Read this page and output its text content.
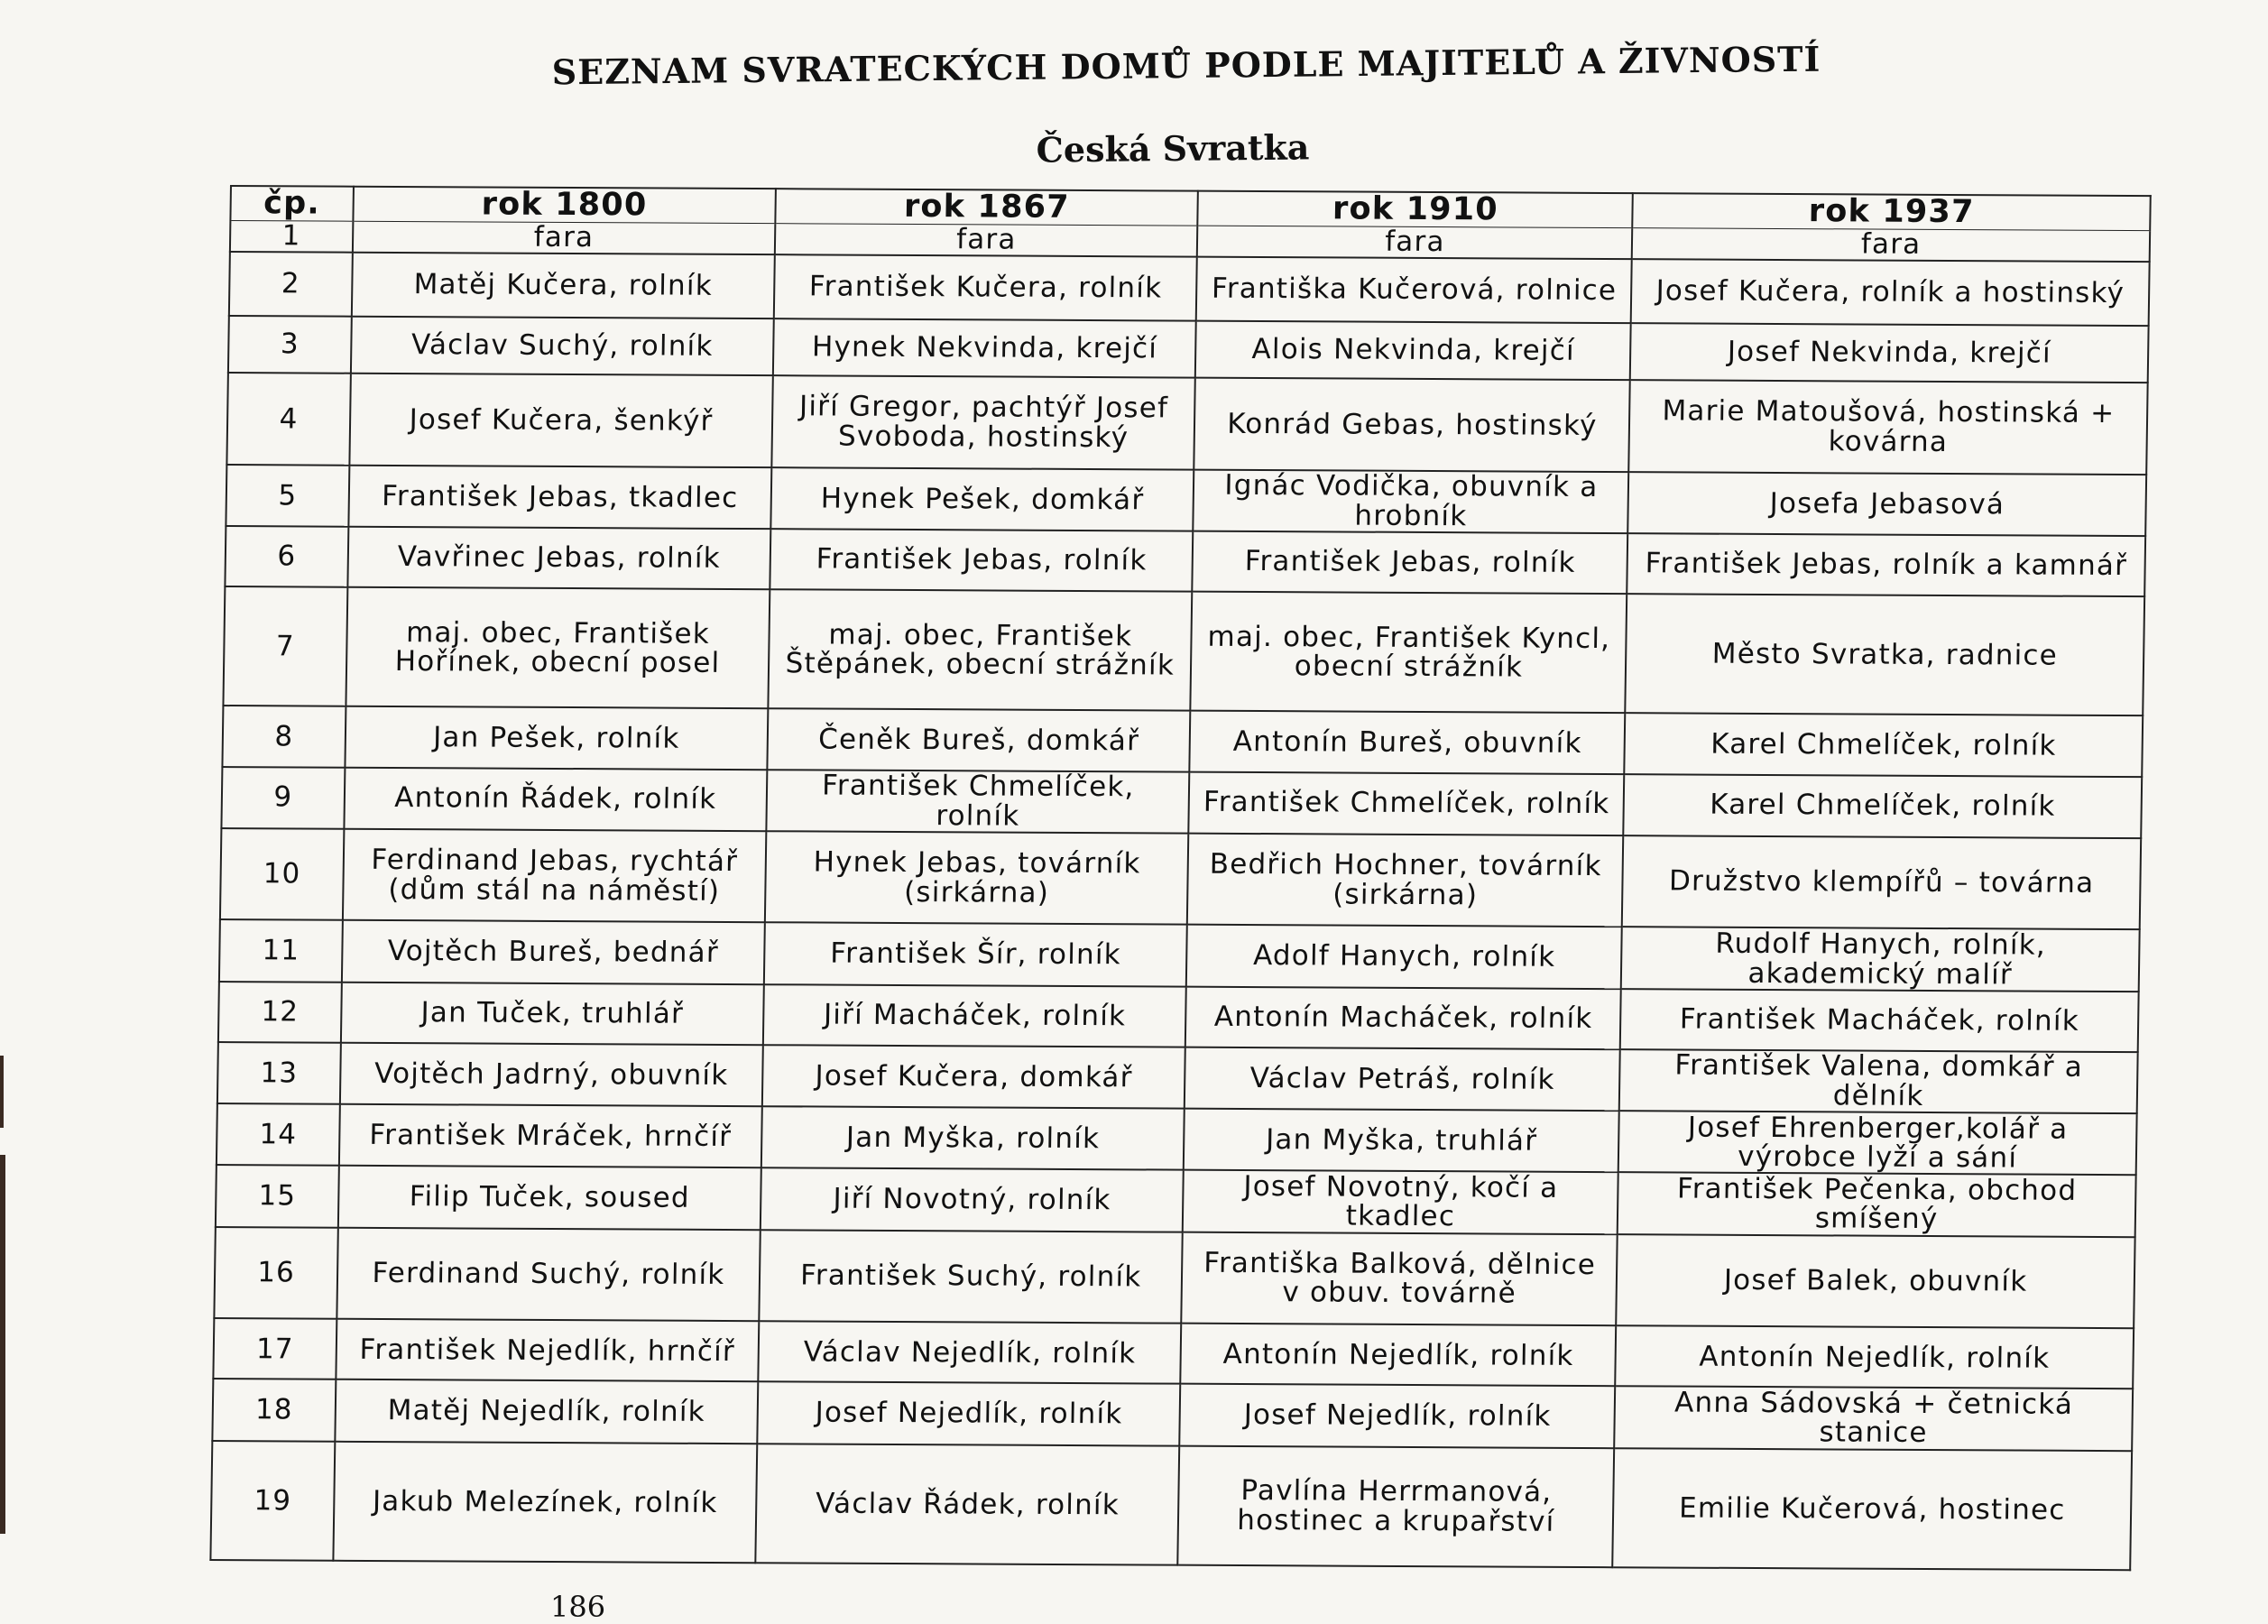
SEZNAM SVRATECKÝCH DOMŮ PODLE MAJITELŮ A ŽIVNOSTÍ
Česká Svratka
čp.	rok 1800	rok 1867	rok 1910	rok 1937
1	fara	fara	fara	fara
2	Matěj Kučera, rolník	František Kučera, rolník	Františka Kučerová, rolnice	Josef Kučera, rolník a hostinský
3	Václav Suchý, rolník	Hynek Nekvinda, krejčí	Alois Nekvinda, krejčí	Josef Nekvinda, krejčí
4	Josef Kučera, šenkýř	Jiří Gregor, pachtýř Josef Svoboda, hostinský	Konrád Gebas, hostinský	Marie Matoušová, hostinská + kovárna
5	František Jebas, tkadlec	Hynek Pešek, domkář	Ignác Vodička, obuvník a hrobník	Josefa Jebasová
6	Vavřinec Jebas, rolník	František Jebas, rolník	František Jebas, rolník	František Jebas, rolník a kamnář
7	maj. obec, František Hořínek, obecní posel	maj. obec, František Štěpánek, obecní strážník	maj. obec, František Kyncl, obecní strážník	Město Svratka, radnice
8	Jan Pešek, rolník	Čeněk Bureš, domkář	Antonín Bureš, obuvník	Karel Chmelíček, rolník
9	Antonín Řádek, rolník	František Chmelíček, rolník	František Chmelíček, rolník	Karel Chmelíček, rolník
10	Ferdinand Jebas, rychtář (dům stál na náměstí)	Hynek Jebas, továrník (sirkárna)	Bedřich Hochner, továrník (sirkárna)	Družstvo klempířů – továrna
11	Vojtěch Bureš, bednář	František Šír, rolník	Adolf Hanych, rolník	Rudolf Hanych, rolník, akademický malíř
12	Jan Tuček, truhlář	Jiří Macháček, rolník	Antonín Macháček, rolník	František Macháček, rolník
13	Vojtěch Jadrný, obuvník	Josef Kučera, domkář	Václav Petráš, rolník	František Valena, domkář a dělník
14	František Mráček, hrnčíř	Jan Myška, rolník	Jan Myška, truhlář	Josef Ehrenberger,kolář a výrobce lyží a sání
15	Filip Tuček, soused	Jiří Novotný, rolník	Josef Novotný, kočí a tkadlec	František Pečenka, obchod smíšený
16	Ferdinand Suchý, rolník	František Suchý, rolník	Františka Balková, dělnice v obuv. továrně	Josef Balek, obuvník
17	František Nejedlík, hrnčíř	Václav Nejedlík, rolník	Antonín Nejedlík, rolník	Antonín Nejedlík, rolník
18	Matěj Nejedlík, rolník	Josef Nejedlík, rolník	Josef Nejedlík, rolník	Anna Sádovská + četnická stanice
19	Jakub Melezínek, rolník	Václav Řádek, rolník	Pavlína Herrmanová, hostinec a krupařství	Emilie Kučerová, hostinec
186
